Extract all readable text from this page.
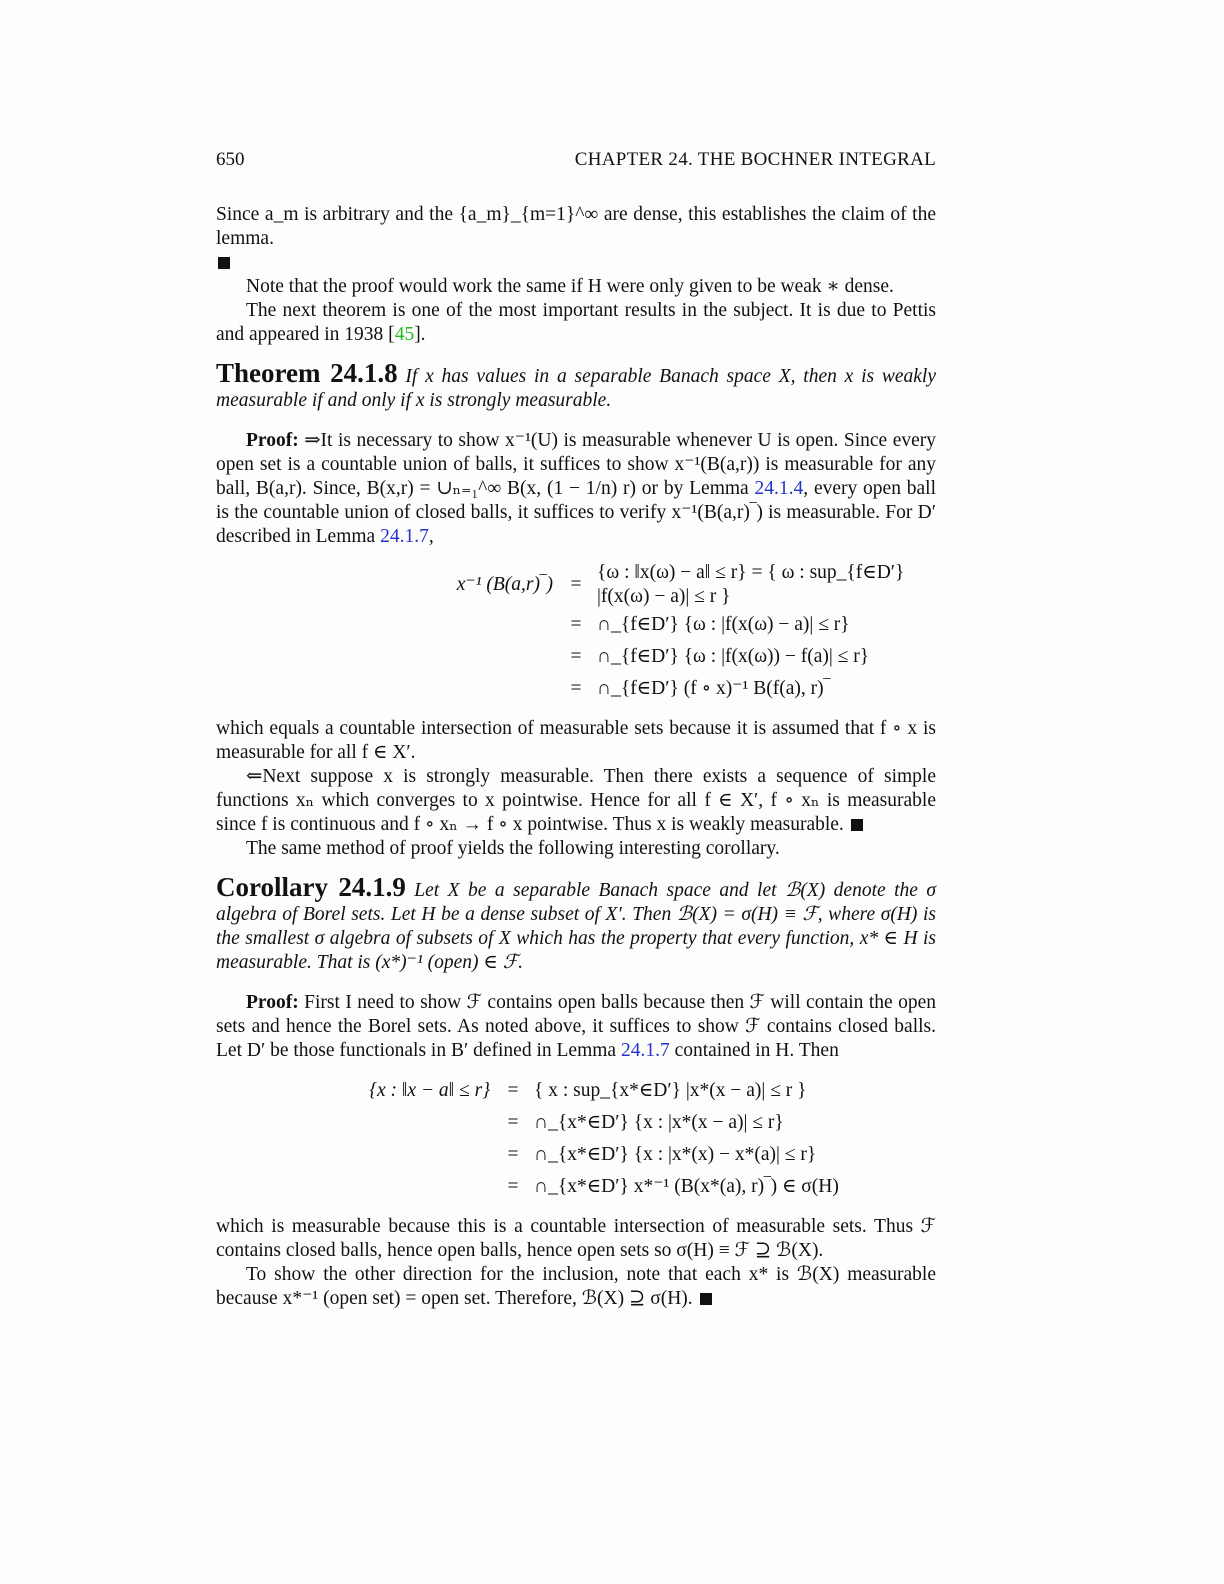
650	CHAPTER 24. THE BOCHNER INTEGRAL

Since a_m is arbitrary and the {a_m}_{m=1}^∞ are dense, this establishes the claim of the lemma.

Note that the proof would work the same if H were only given to be weak ∗ dense.

The next theorem is one of the most important results in the subject. It is due to Pettis and appeared in 1938 [45].

Theorem 24.1.8 If x has values in a separable Banach space X, then x is weakly measurable if and only if x is strongly measurable.

Proof: ⇒It is necessary to show x⁻¹(U) is measurable whenever U is open. Since every open set is a countable union of balls, it suffices to show x⁻¹(B(a,r)) is measurable for any ball, B(a,r). Since, B(x,r) = ∪ₙ₌₁^∞ B(x, (1 − 1/n) r) or by Lemma 24.1.4, every open ball is the countable union of closed balls, it suffices to verify x⁻¹(B(a,r)‾) is measurable. For D′ described in Lemma 24.1.7,

x⁻¹ (B(a,r)‾) =
{ω : ‖x(ω) − a‖ ≤ r} = { ω : sup_{f∈D′} |f(x(ω) − a)| ≤ r }
= ∩_{f∈D′} {ω : |f(x(ω) − a)| ≤ r}
= ∩_{f∈D′} {ω : |f(x(ω)) − f(a)| ≤ r}
= ∩_{f∈D′} (f ∘ x)⁻¹ B(f(a), r)‾

which equals a countable intersection of measurable sets because it is assumed that f ∘ x is measurable for all f ∈ X′.

⇐Next suppose x is strongly measurable. Then there exists a sequence of simple functions xₙ which converges to x pointwise. Hence for all f ∈ X′, f ∘ xₙ is measurable since f is continuous and f ∘ xₙ → f ∘ x pointwise. Thus x is weakly measurable.

The same method of proof yields the following interesting corollary.

Corollary 24.1.9 Let X be a separable Banach space and let ℬ(X) denote the σ algebra of Borel sets. Let H be a dense subset of X′. Then ℬ(X) = σ(H) ≡ ℱ, where σ(H) is the smallest σ algebra of subsets of X which has the property that every function, x* ∈ H is measurable. That is (x*)⁻¹ (open) ∈ ℱ.

Proof: First I need to show ℱ contains open balls because then ℱ will contain the open sets and hence the Borel sets. As noted above, it suffices to show ℱ contains closed balls. Let D′ be those functionals in B′ defined in Lemma 24.1.7 contained in H. Then

{x : ‖x − a‖ ≤ r} = { x : sup_{x*∈D′} |x*(x − a)| ≤ r }
= ∩_{x*∈D′} {x : |x*(x − a)| ≤ r}
= ∩_{x*∈D′} {x : |x*(x) − x*(a)| ≤ r}
= ∩_{x*∈D′} x*⁻¹ (B(x*(a), r)‾) ∈ σ(H)

which is measurable because this is a countable intersection of measurable sets. Thus ℱ contains closed balls, hence open balls, hence open sets so σ(H) ≡ ℱ ⊇ ℬ(X).

To show the other direction for the inclusion, note that each x* is ℬ(X) measurable because x*⁻¹ (open set) = open set. Therefore, ℬ(X) ⊇ σ(H).
